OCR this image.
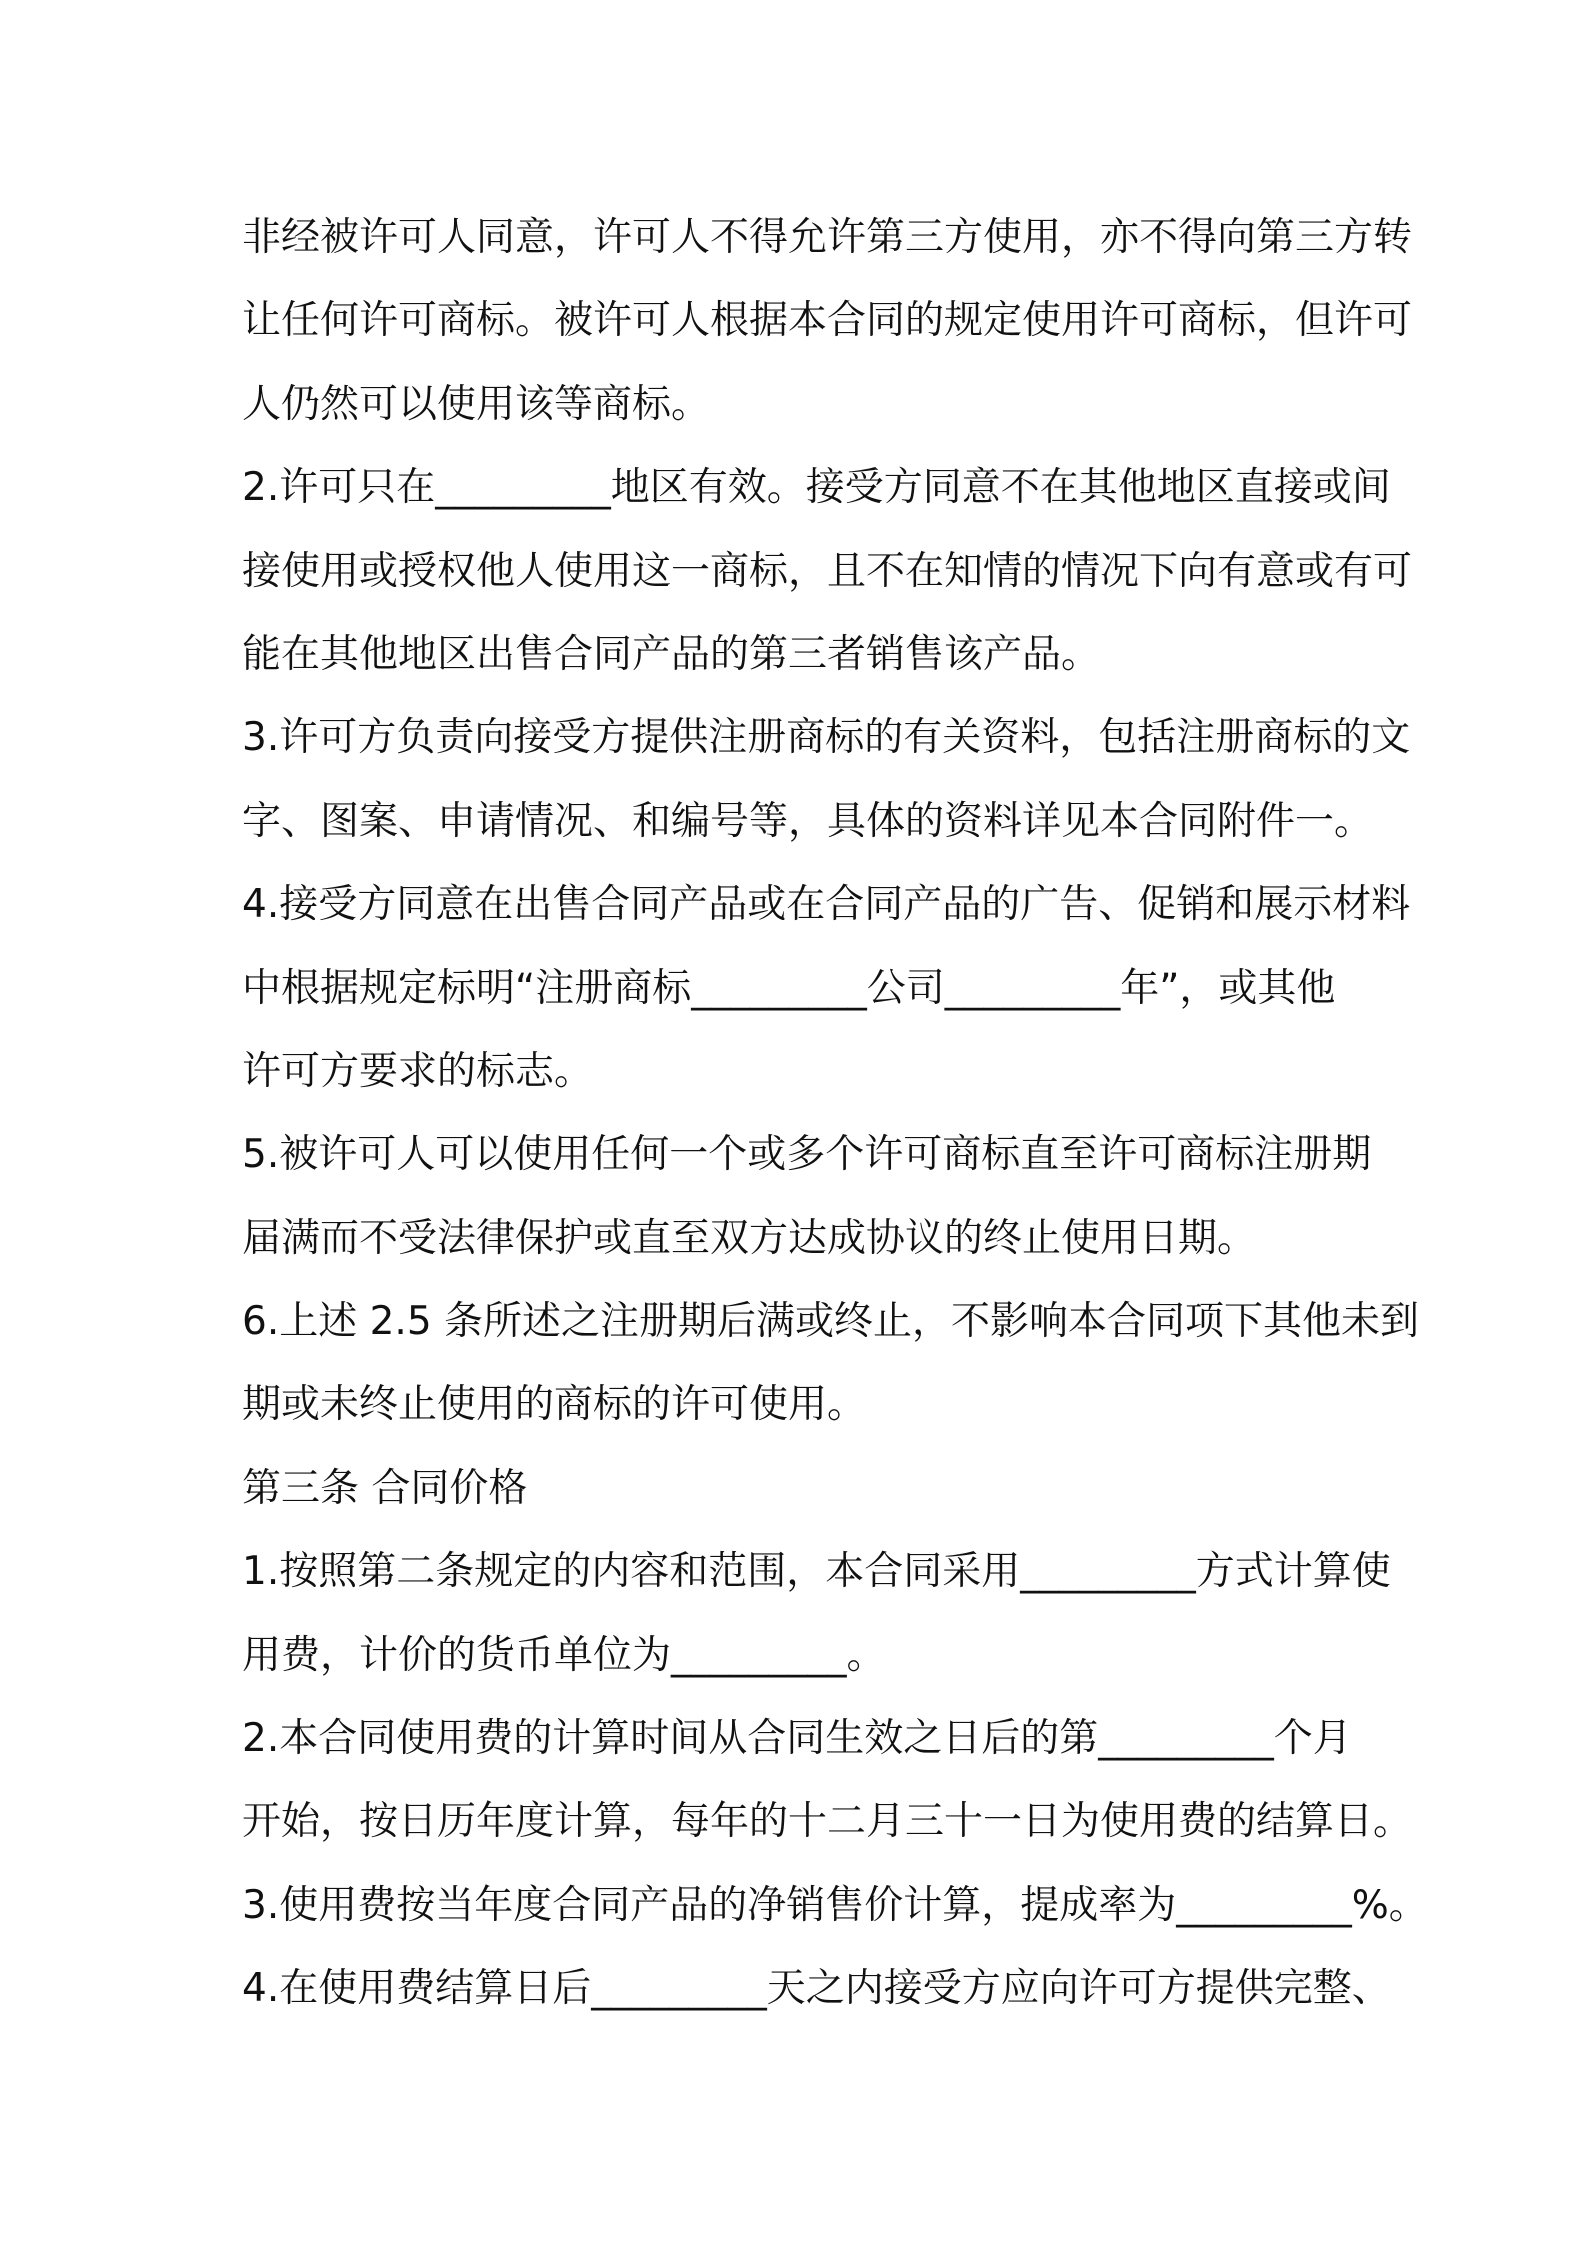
非经被许可人同意，许可人不得允许第三方使用，亦不得向第三方转
让任何许可商标。被许可人根据本合同的规定使用许可商标，但许可
人仍然可以使用该等商标。
2.许可只在_________地区有效。接受方同意不在其他地区直接或间
接使用或授权他人使用这一商标，且不在知情的情况下向有意或有可
能在其他地区出售合同产品的第三者销售该产品。
3.许可方负责向接受方提供注册商标的有关资料，包括注册商标的文
字、图案、申请情况、和编号等，具体的资料详见本合同附件一。
4.接受方同意在出售合同产品或在合同产品的广告、促销和展示材料
中根据规定标明“注册商标_________公司_________年”，或其他
许可方要求的标志。
5.被许可人可以使用任何一个或多个许可商标直至许可商标注册期
届满而不受法律保护或直至双方达成协议的终止使用日期。
6.上述 2.5 条所述之注册期后满或终止，不影响本合同项下其他未到
期或未终止使用的商标的许可使用。
第三条 合同价格
1.按照第二条规定的内容和范围，本合同采用_________方式计算使
用费，计价的货币单位为_________。
2.本合同使用费的计算时间从合同生效之日后的第_________个月
开始，按日历年度计算，每年的十二月三十一日为使用费的结算日。
3.使用费按当年度合同产品的净销售价计算，提成率为_________%。
4.在使用费结算日后_________天之内接受方应向许可方提供完整、
